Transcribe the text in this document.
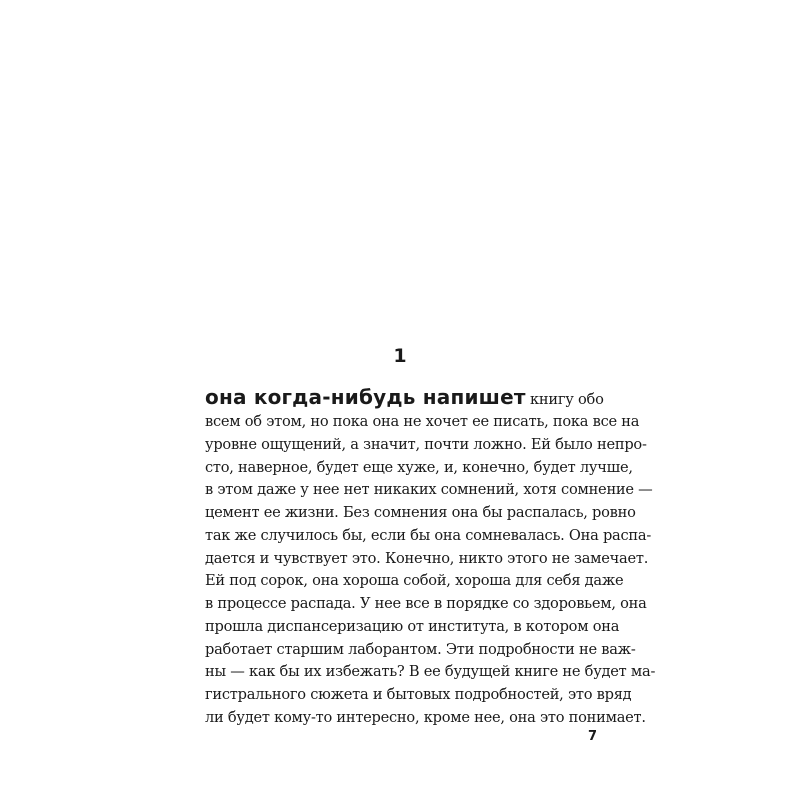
1
она когда-нибудь напишет книгу обо
всем об этом, но пока она не хочет ее писать, пока все на
уровне ощущений, а значит, почти ложно. Ей было непро-
сто, наверное, будет еще хуже, и, конечно, будет лучше,
в этом даже у нее нет никаких сомнений, хотя сомнение —
цемент ее жизни. Без сомнения она бы распалась, ровно
так же случилось бы, если бы она сомневалась. Она распа-
дается и чувствует это. Конечно, никто этого не замечает.
Ей под сорок, она хороша собой, хороша для себя даже
в процессе распада. У нее все в порядке со здоровьем, она
прошла диспансеризацию от института, в котором она
работает старшим лаборантом. Эти подробности не важ-
ны — как бы их избежать? В ее будущей книге не будет ма-
гистрального сюжета и бытовых подробностей, это вряд
ли будет кому-то интересно, кроме нее, она это понимает.
7
